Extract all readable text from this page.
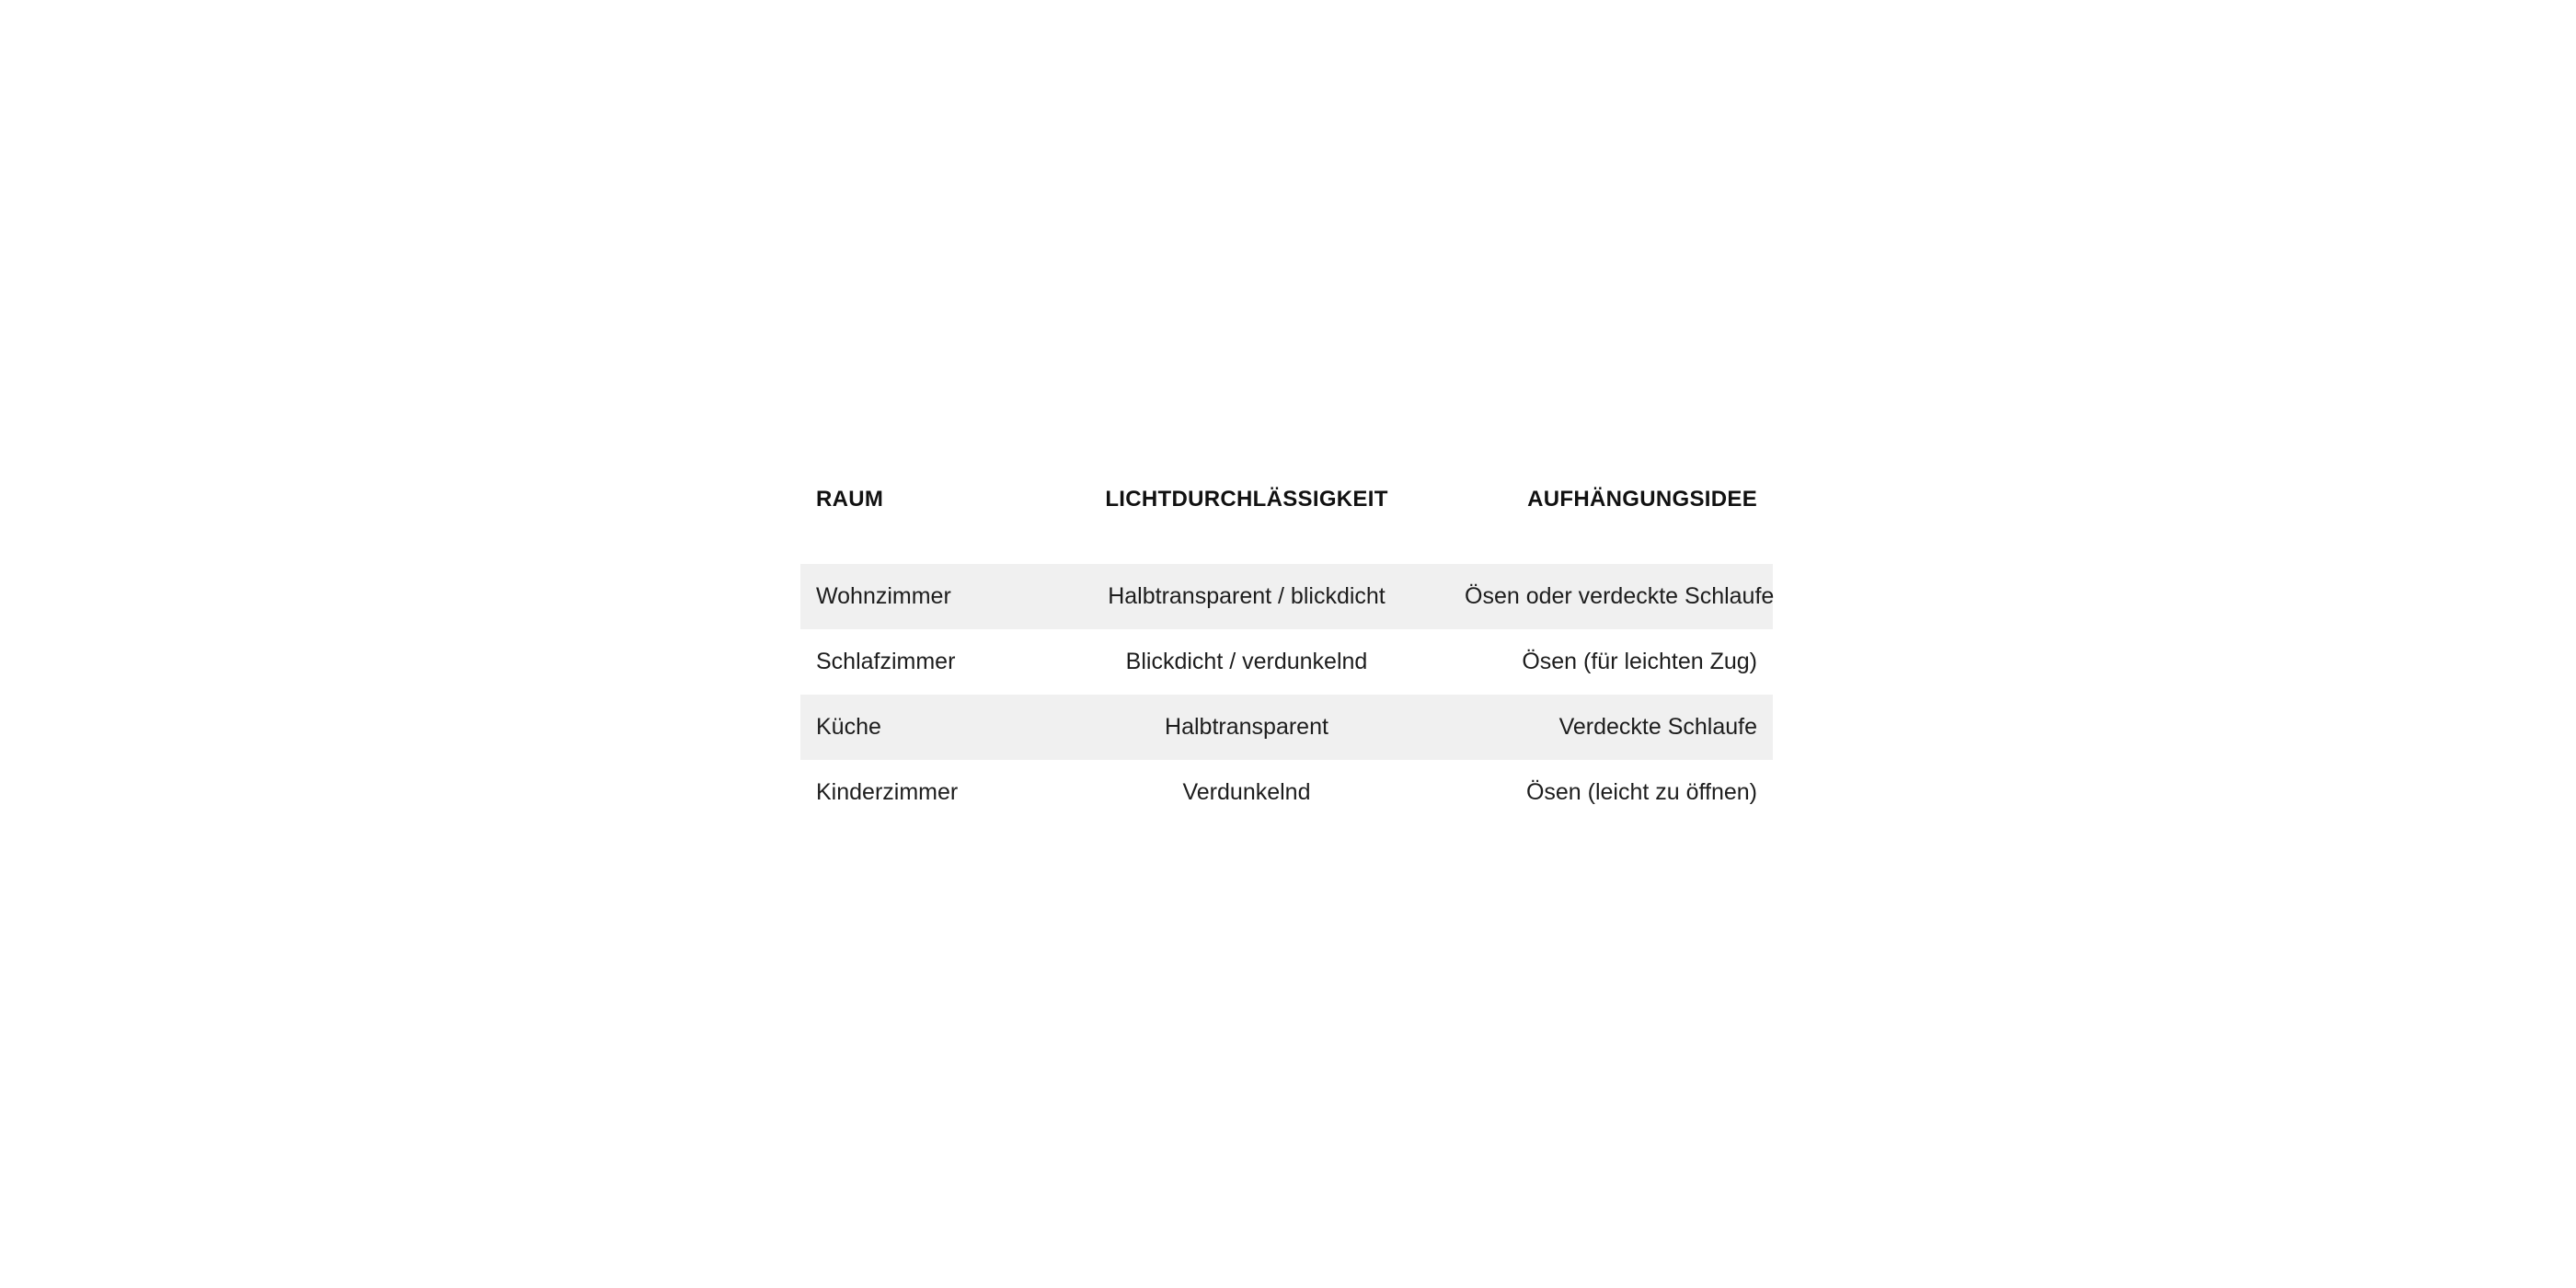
RAUM	LICHTDURCHLÄSSIGKEIT	AUFHÄNGUNGSIDEE
Wohnzimmer	Halbtransparent / blickdicht	Ösen oder verdeckte Schlaufe
Schlafzimmer	Blickdicht / verdunkelnd	Ösen (für leichten Zug)
Küche	Halbtransparent	Verdeckte Schlaufe
Kinderzimmer	Verdunkelnd	Ösen (leicht zu öffnen)
